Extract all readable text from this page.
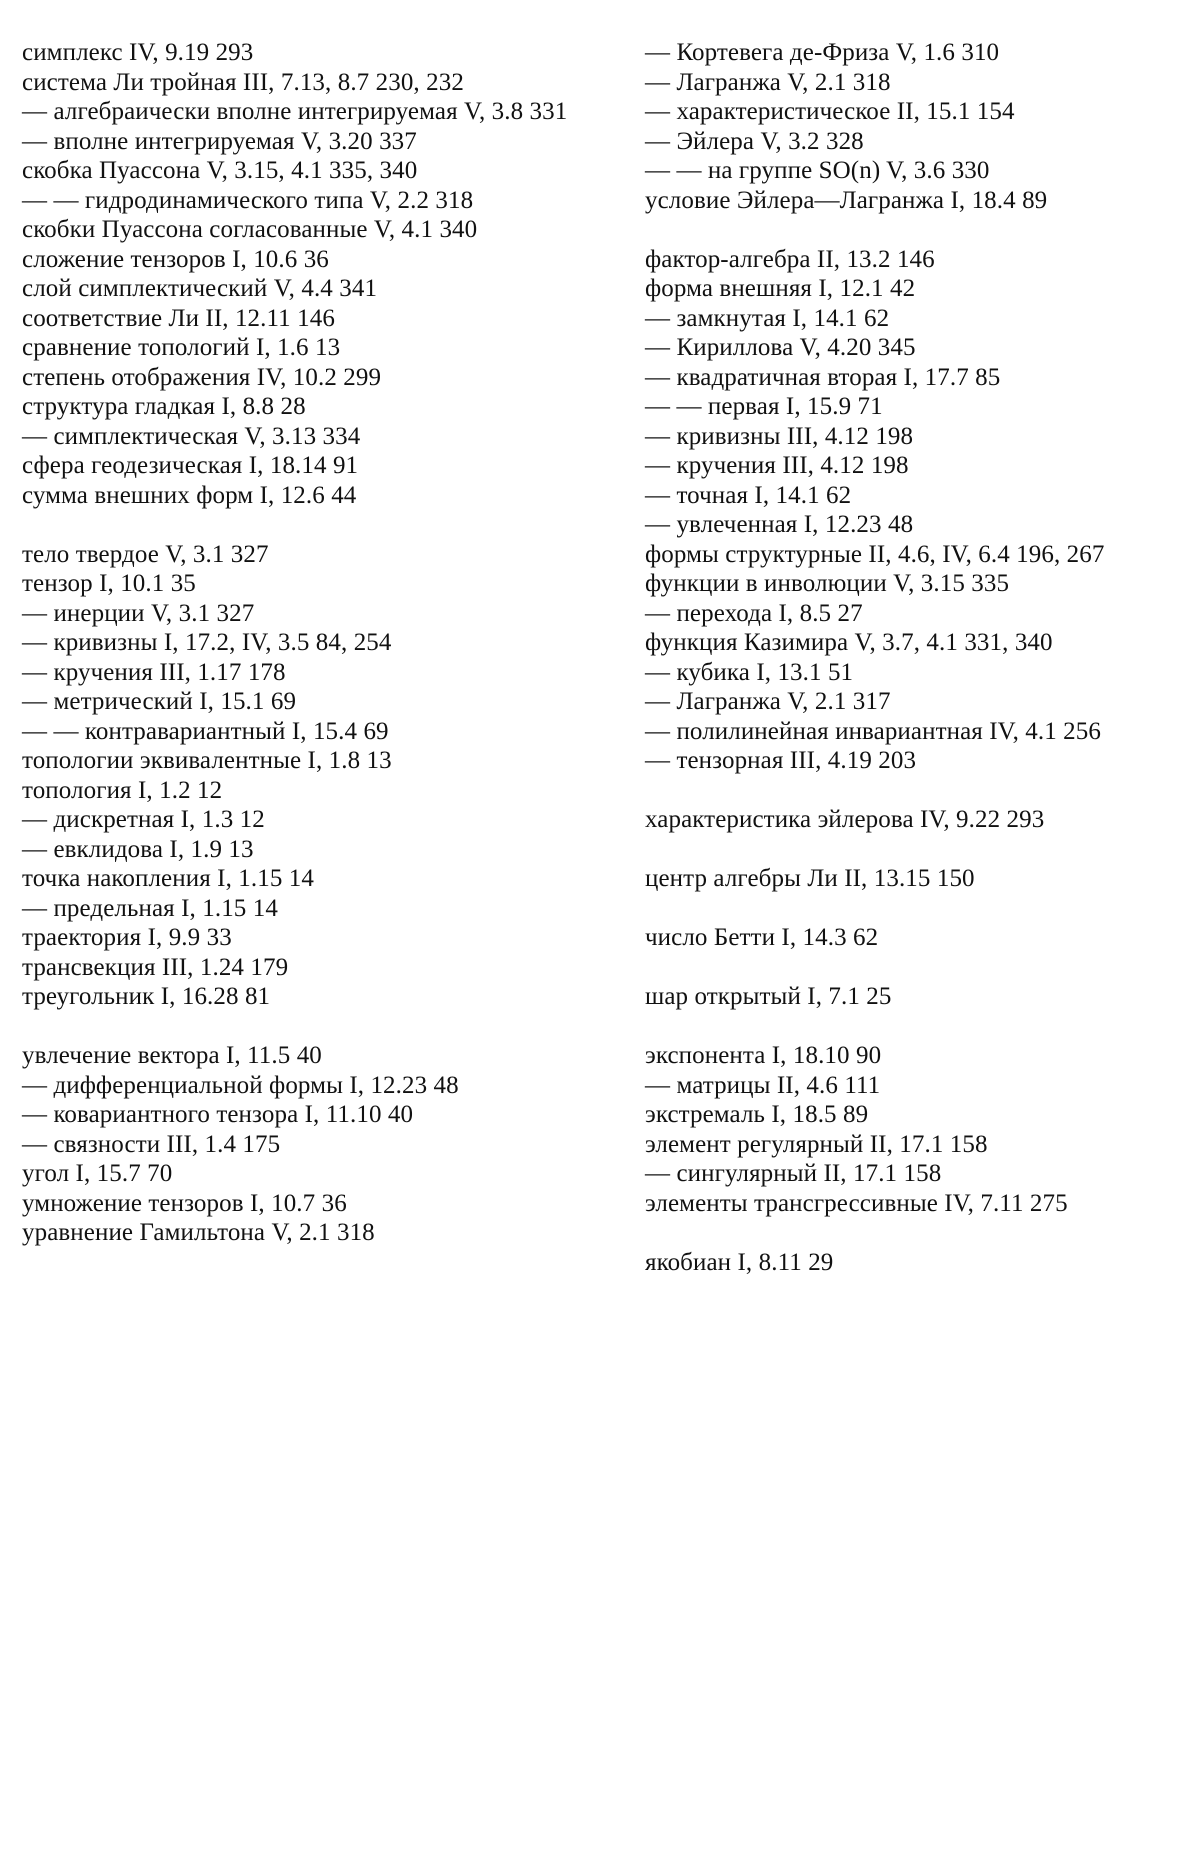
симплекс IV, 9.19 293
система Ли тройная III, 7.13, 8.7 230, 232
— алгебраически вполне интегрируемая V, 3.8 331
— вполне интегрируемая V, 3.20 337
скобка Пуассона V, 3.15, 4.1 335, 340
— — гидродинамического типа V, 2.2 318
скобки Пуассона согласованные V, 4.1 340
сложение тензоров I, 10.6 36
слой симплектический V, 4.4 341
соответствие Ли II, 12.11 146
сравнение топологий I, 1.6 13
степень отображения IV, 10.2 299
структура гладкая I, 8.8 28
— симплектическая V, 3.13 334
сфера геодезическая I, 18.14 91
сумма внешних форм I, 12.6 44
тело твердое V, 3.1 327
тензор I, 10.1 35
— инерции V, 3.1 327
— кривизны I, 17.2, IV, 3.5 84, 254
— кручения III, 1.17 178
— метрический I, 15.1 69
— — контравариантный I, 15.4 69
топологии эквивалентные I, 1.8 13
топология I, 1.2 12
— дискретная I, 1.3 12
— евклидова I, 1.9 13
точка накопления I, 1.15 14
— предельная I, 1.15 14
траектория I, 9.9 33
трансвекция III, 1.24 179
треугольник I, 16.28 81
увлечение вектора I, 11.5 40
— дифференциальной формы I, 12.23 48
— ковариантного тензора I, 11.10 40
— связности III, 1.4 175
угол I, 15.7 70
умножение тензоров I, 10.7 36
уравнение Гамильтона V, 2.1 318
— Кортевега де-Фриза V, 1.6 310
— Лагранжа V, 2.1 318
— характеристическое II, 15.1 154
— Эйлера V, 3.2 328
— — на группе SO(n) V, 3.6 330
условие Эйлера—Лагранжа I, 18.4 89
фактор-алгебра II, 13.2 146
форма внешняя I, 12.1 42
— замкнутая I, 14.1 62
— Кириллова V, 4.20 345
— квадратичная вторая I, 17.7 85
— — первая I, 15.9 71
— кривизны III, 4.12 198
— кручения III, 4.12 198
— точная I, 14.1 62
— увлеченная I, 12.23 48
формы структурные II, 4.6, IV, 6.4 196, 267
функции в инволюции V, 3.15 335
— перехода I, 8.5 27
функция Казимира V, 3.7, 4.1 331, 340
— кубика I, 13.1 51
— Лагранжа V, 2.1 317
— полилинейная инвариантная IV, 4.1 256
— тензорная III, 4.19 203
характеристика эйлерова IV, 9.22 293
центр алгебры Ли II, 13.15 150
число Бетти I, 14.3 62
шар открытый I, 7.1 25
экспонента I, 18.10 90
— матрицы II, 4.6 111
экстремаль I, 18.5 89
элемент регулярный II, 17.1 158
— сингулярный II, 17.1 158
элементы трансгрессивные IV, 7.11 275
якобиан I, 8.11 29
